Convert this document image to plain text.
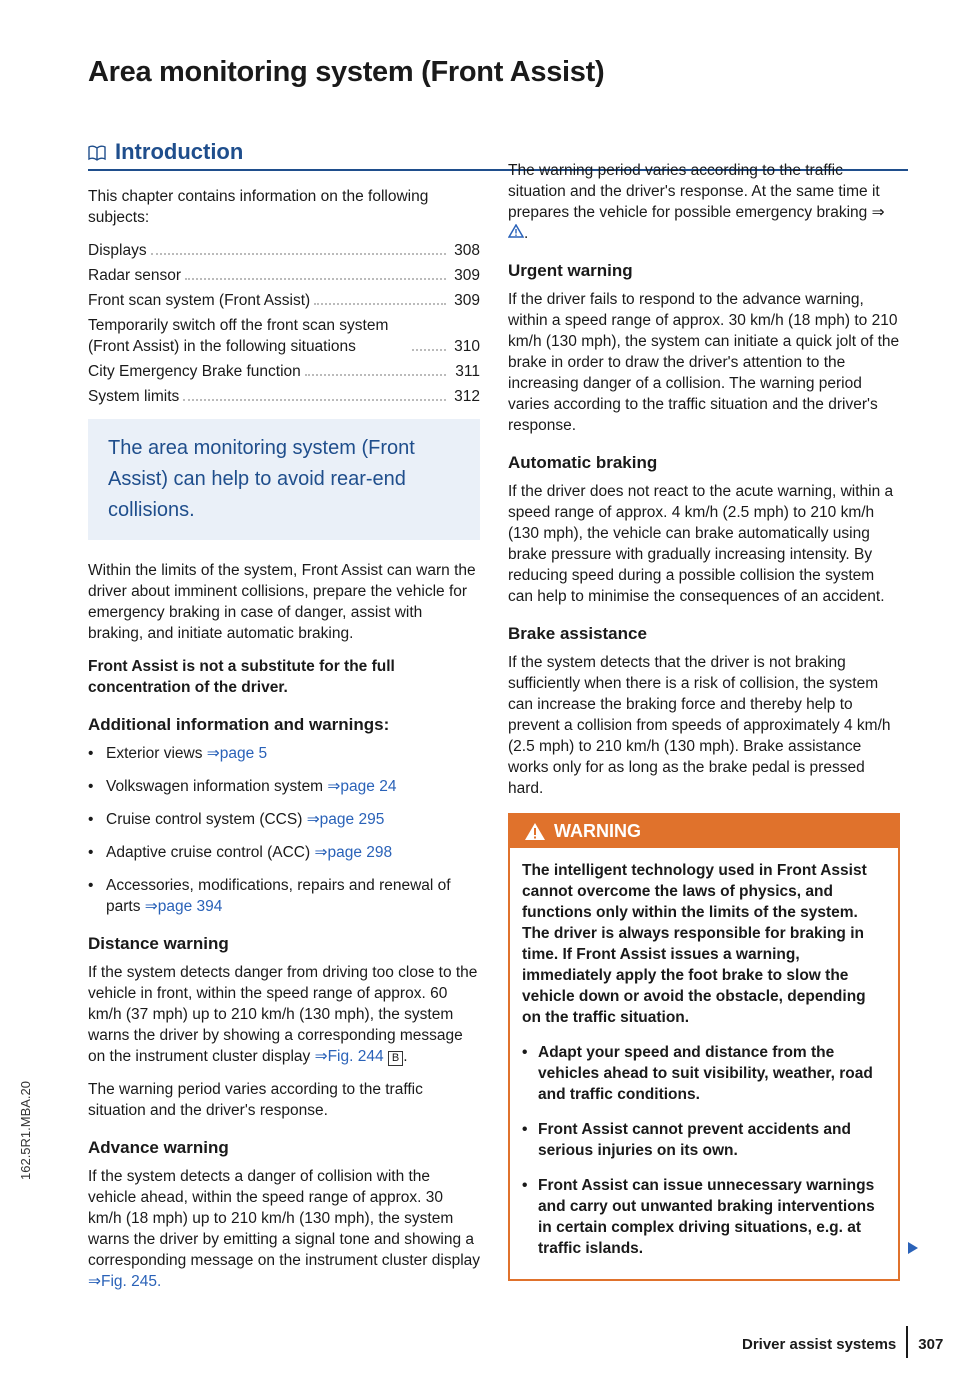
Area monitoring system (Front Assist)
Introduction

This chapter contains information on the following subjects:

Displays	308
Radar sensor	309
Front scan system (Front Assist)	309
Temporarily switch off the front scan system (Front Assist) in the following situations	310
City Emergency Brake function	311
System limits	312
The area monitoring system (Front Assist) can help to avoid rear-end collisions.

Within the limits of the system, Front Assist can warn the driver about imminent collisions, prepare the vehicle for emergency braking in case of danger, assist with braking, and initiate automatic braking.

Front Assist is not a substitute for the full concentration of the driver.

Additional information and warnings:
• Exterior views ⇒page 5
• Volkswagen information system ⇒page 24
• Cruise control system (CCS) ⇒page 295
• Adaptive cruise control (ACC) ⇒page 298
• Accessories, modifications, repairs and renewal of parts ⇒page 394
Distance warning

If the system detects danger from driving too close to the vehicle in front, within the speed range of approx. 60 km/h (37 mph) up to 210 km/h (130 mph), the system warns the driver by showing a corresponding message on the instrument cluster display ⇒Fig. 244 B .

The warning period varies according to the traffic situation and the driver's response.

Advance warning

If the system detects a danger of collision with the vehicle ahead, within the speed range of approx. 30 km/h (18 mph) up to 210 km/h (130 mph), the system warns the driver by emitting a signal tone and showing a corresponding message on the instrument cluster display ⇒Fig. 245.

The warning period varies according to the traffic situation and the driver's response. At the same time it prepares the vehicle for possible emergency braking ⇒.

Urgent warning

If the driver fails to respond to the advance warning, within a speed range of approx. 30 km/h (18 mph) to 210 km/h (130 mph), the system can initiate a quick jolt of the brake in order to draw the driver's attention to the increasing danger of a collision. The warning period varies according to the traffic situation and the driver's response.

Automatic braking

If the driver does not react to the acute warning, within a speed range of approx. 4 km/h (2.5 mph) to 210 km/h (130 mph), the vehicle can brake automatically using brake pressure with gradually increasing intensity. By reducing speed during a possible collision the system can help to minimise the consequences of an accident.

Brake assistance

If the system detects that the driver is not braking sufficiently when there is a risk of collision, the system can increase the braking force and thereby help to prevent a collision from speeds of approximately 4 km/h (2.5 mph) to 210 km/h (130 mph). Brake assistance works only for as long as the brake pedal is pressed hard.

WARNING

The intelligent technology used in Front Assist cannot overcome the laws of physics, and functions only within the limits of the system. The driver is always responsible for braking in time. If Front Assist issues a warning, immediately apply the foot brake to slow the vehicle down or avoid the obstacle, depending on the traffic situation.

• Adapt your speed and distance from the vehicles ahead to suit visibility, weather, road and traffic conditions.
• Front Assist cannot prevent accidents and serious injuries on its own.
• Front Assist can issue unnecessary warnings and carry out unwanted braking interventions in certain complex driving situations, e.g. at traffic islands.
162.5R1.MBA.20
Driver assist systems 307
